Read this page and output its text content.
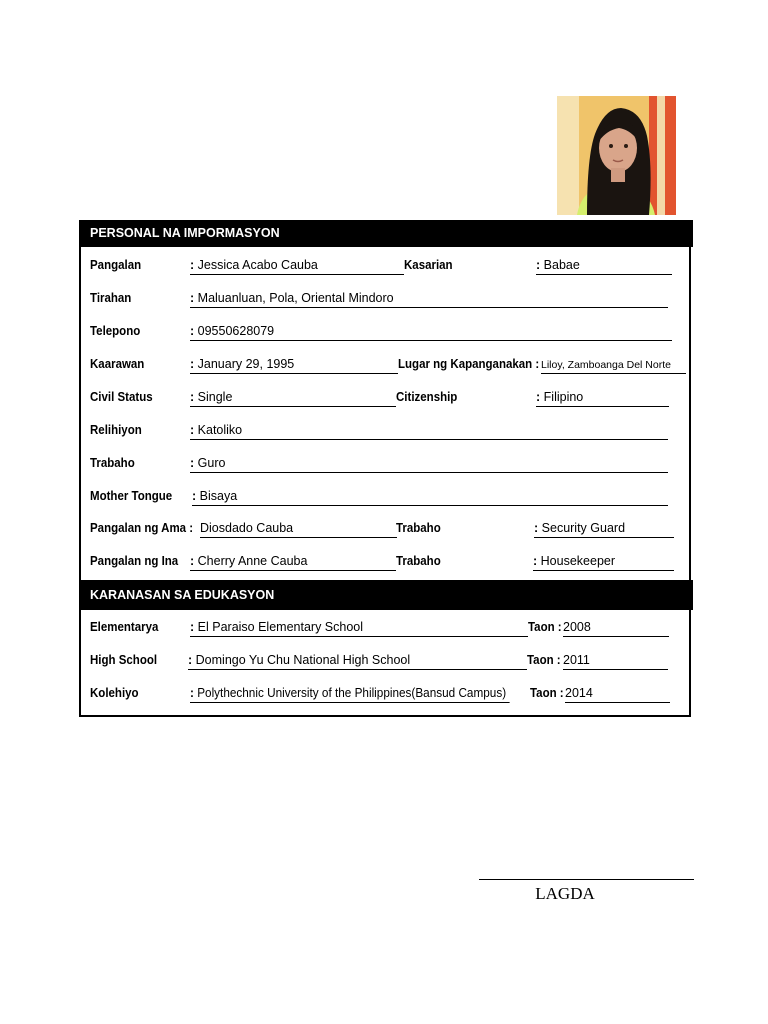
PERSONAL NA IMPORMASYON
Pangalan	: Jessica Acabo Cauba	Kasarian	: Babae
Tirahan	: Maluanluan, Pola, Oriental Mindoro
Telepono	: 09550628079
Kaarawan	: January 29, 1995	Lugar ng Kapanganakan : Liloy, Zamboanga Del Norte
Civil Status	: Single	Citizenship	: Filipino
Relihiyon	: Katoliko
Trabaho	: Guro
Mother Tongue : Bisaya
Pangalan ng Ama : Diosdado Cauba	Trabaho	: Security Guard
Pangalan ng Ina : Cherry Anne Cauba	Trabaho	: Housekeeper
KARANASAN SA EDUKASYON
Elementarya	: El Paraiso Elementary School	Taon : 2008
High School : Domingo Yu Chu National High School	Taon : 2011
Kolehiyo	: Polythechnic University of the Philippines(Bansud Campus) Taon : 2014
LAGDA
